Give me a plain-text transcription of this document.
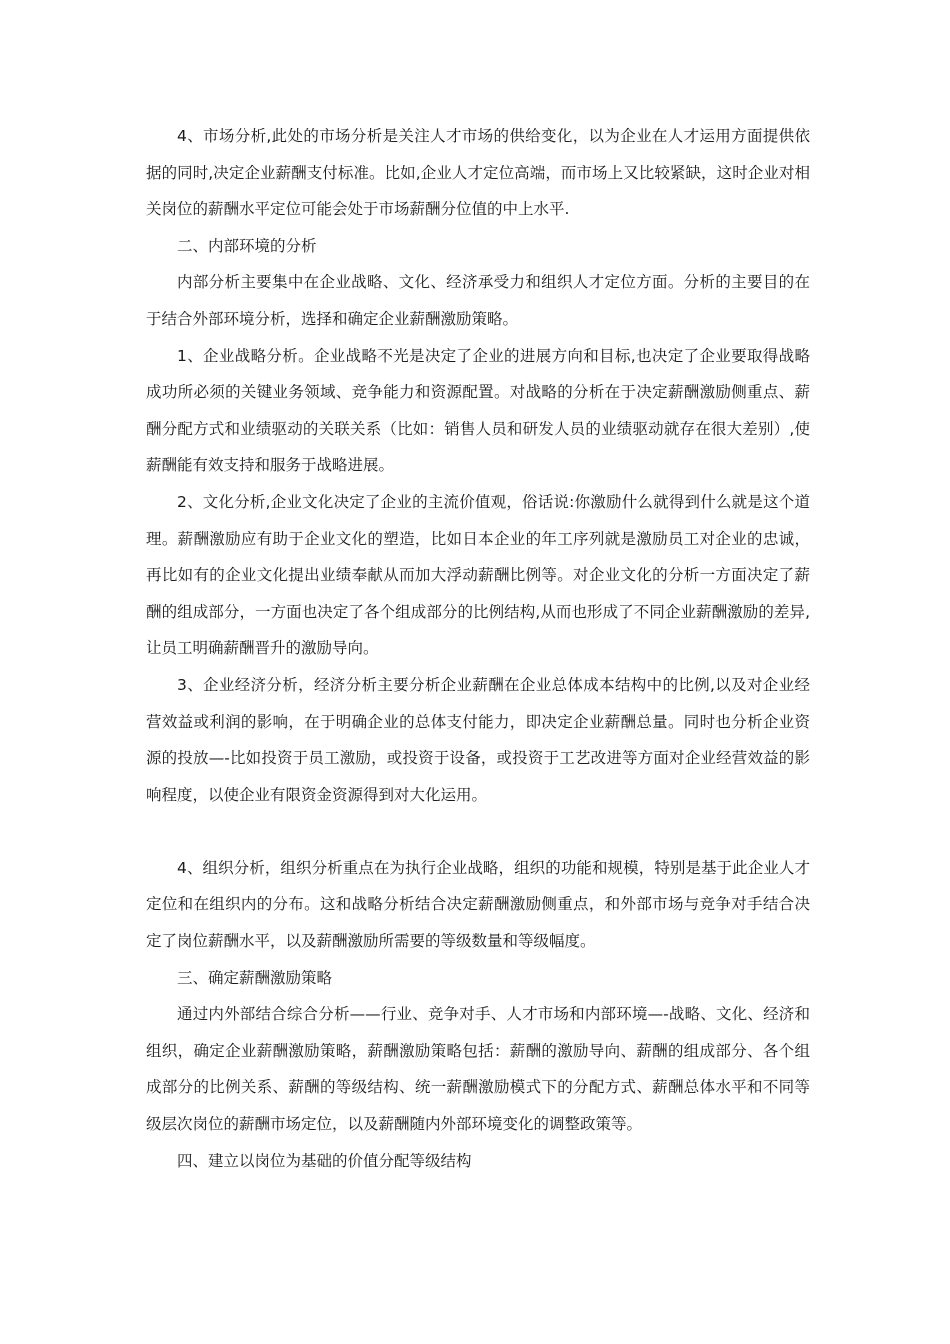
4、市场分析,此处的市场分析是关注人才市场的供给变化，以为企业在人才运用方面提供依据的同时,决定企业薪酬支付标准。比如,企业人才定位高端，而市场上又比较紧缺，这时企业对相关岗位的薪酬水平定位可能会处于市场薪酬分位值的中上水平.

二、内部环境的分析

内部分析主要集中在企业战略、文化、经济承受力和组织人才定位方面。分析的主要目的在于结合外部环境分析，选择和确定企业薪酬激励策略。

1、企业战略分析。企业战略不光是决定了企业的进展方向和目标,也决定了企业要取得战略成功所必须的关键业务领域、竞争能力和资源配置。对战略的分析在于决定薪酬激励侧重点、薪酬分配方式和业绩驱动的关联关系（比如：销售人员和研发人员的业绩驱动就存在很大差别）,使薪酬能有效支持和服务于战略进展。

2、文化分析,企业文化决定了企业的主流价值观，俗话说:你激励什么就得到什么就是这个道理。薪酬激励应有助于企业文化的塑造，比如日本企业的年工序列就是激励员工对企业的忠诚，再比如有的企业文化提出业绩奉献从而加大浮动薪酬比例等。对企业文化的分析一方面决定了薪酬的组成部分，一方面也决定了各个组成部分的比例结构,从而也形成了不同企业薪酬激励的差异,让员工明确薪酬晋升的激励导向。

3、企业经济分析，经济分析主要分析企业薪酬在企业总体成本结构中的比例,以及对企业经营效益或利润的影响，在于明确企业的总体支付能力，即决定企业薪酬总量。同时也分析企业资源的投放—-比如投资于员工激励，或投资于设备，或投资于工艺改进等方面对企业经营效益的影响程度，以使企业有限资金资源得到对大化运用。

4、组织分析，组织分析重点在为执行企业战略，组织的功能和规模，特别是基于此企业人才定位和在组织内的分布。这和战略分析结合决定薪酬激励侧重点，和外部市场与竞争对手结合决定了岗位薪酬水平，以及薪酬激励所需要的等级数量和等级幅度。

三、确定薪酬激励策略

通过内外部结合综合分析——行业、竞争对手、人才市场和内部环境—-战略、文化、经济和组织，确定企业薪酬激励策略，薪酬激励策略包括：薪酬的激励导向、薪酬的组成部分、各个组成部分的比例关系、薪酬的等级结构、统一薪酬激励模式下的分配方式、薪酬总体水平和不同等级层次岗位的薪酬市场定位，以及薪酬随内外部环境变化的调整政策等。

四、建立以岗位为基础的价值分配等级结构
